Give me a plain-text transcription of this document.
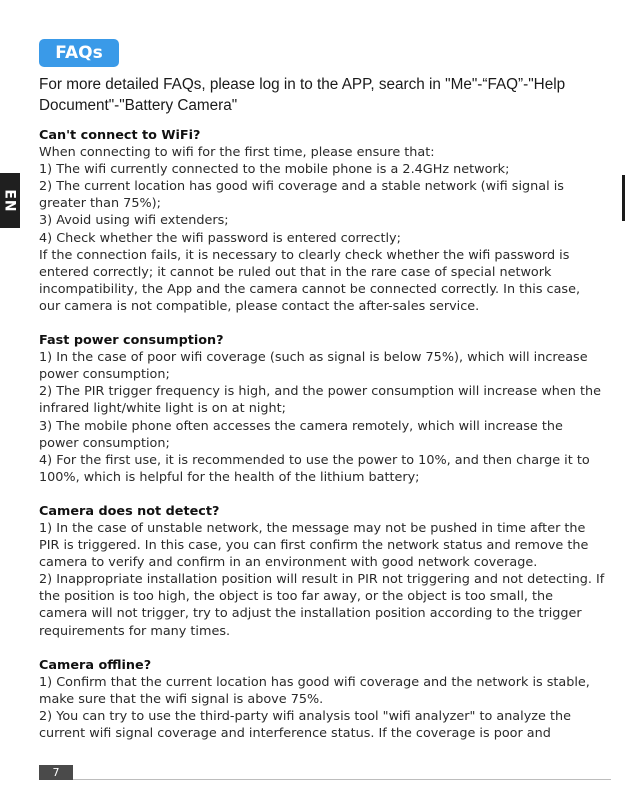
FAQs
For more detailed FAQs, please log in to the APP, search in "Me"-“FAQ”-"Help Document"-"Battery Camera"
EN
Can't connect to WiFi?

When connecting to wifi for the first time, please ensure that:

1) The wifi currently connected to the mobile phone is a 2.4GHz network;

2) The current location has good wifi coverage and a stable network (wifi signal is greater than 75%);

3) Avoid using wifi extenders;

4) Check whether the wifi password is entered correctly;

If the connection fails, it is necessary to clearly check whether the wifi password is entered correctly; it cannot be ruled out that in the rare case of special network incompatibility, the App and the camera cannot be connected correctly. In this case, our camera is not compatible, please contact the after-sales service.

Fast power consumption?

1) In the case of poor wifi coverage (such as signal is below 75%), which will increase power consumption;

2) The PIR trigger frequency is high, and the power consumption will increase when the infrared light/white light is on at night;

3) The mobile phone often accesses the camera remotely, which will increase the power consumption;

4) For the first use, it is recommended to use the power to 10%, and then charge it to 100%, which is helpful for the health of the lithium battery;

Camera does not detect?

1) In the case of unstable network, the message may not be pushed in time after the PIR is triggered. In this case, you can first confirm the network status and remove the camera to verify and confirm in an environment with good network coverage.

2) Inappropriate installation position will result in PIR not triggering and not detecting. If the position is too high, the object is too far away, or the object is too small, the camera will not trigger, try to adjust the installation position according to the trigger requirements for many times.

Camera offline?

1) Confirm that the current location has good wifi coverage and the network is stable, make sure that the wifi signal is above 75%.

2) You can try to use the third-party wifi analysis tool "wifi analyzer" to analyze the current wifi signal coverage and interference status. If the coverage is poor and

7
